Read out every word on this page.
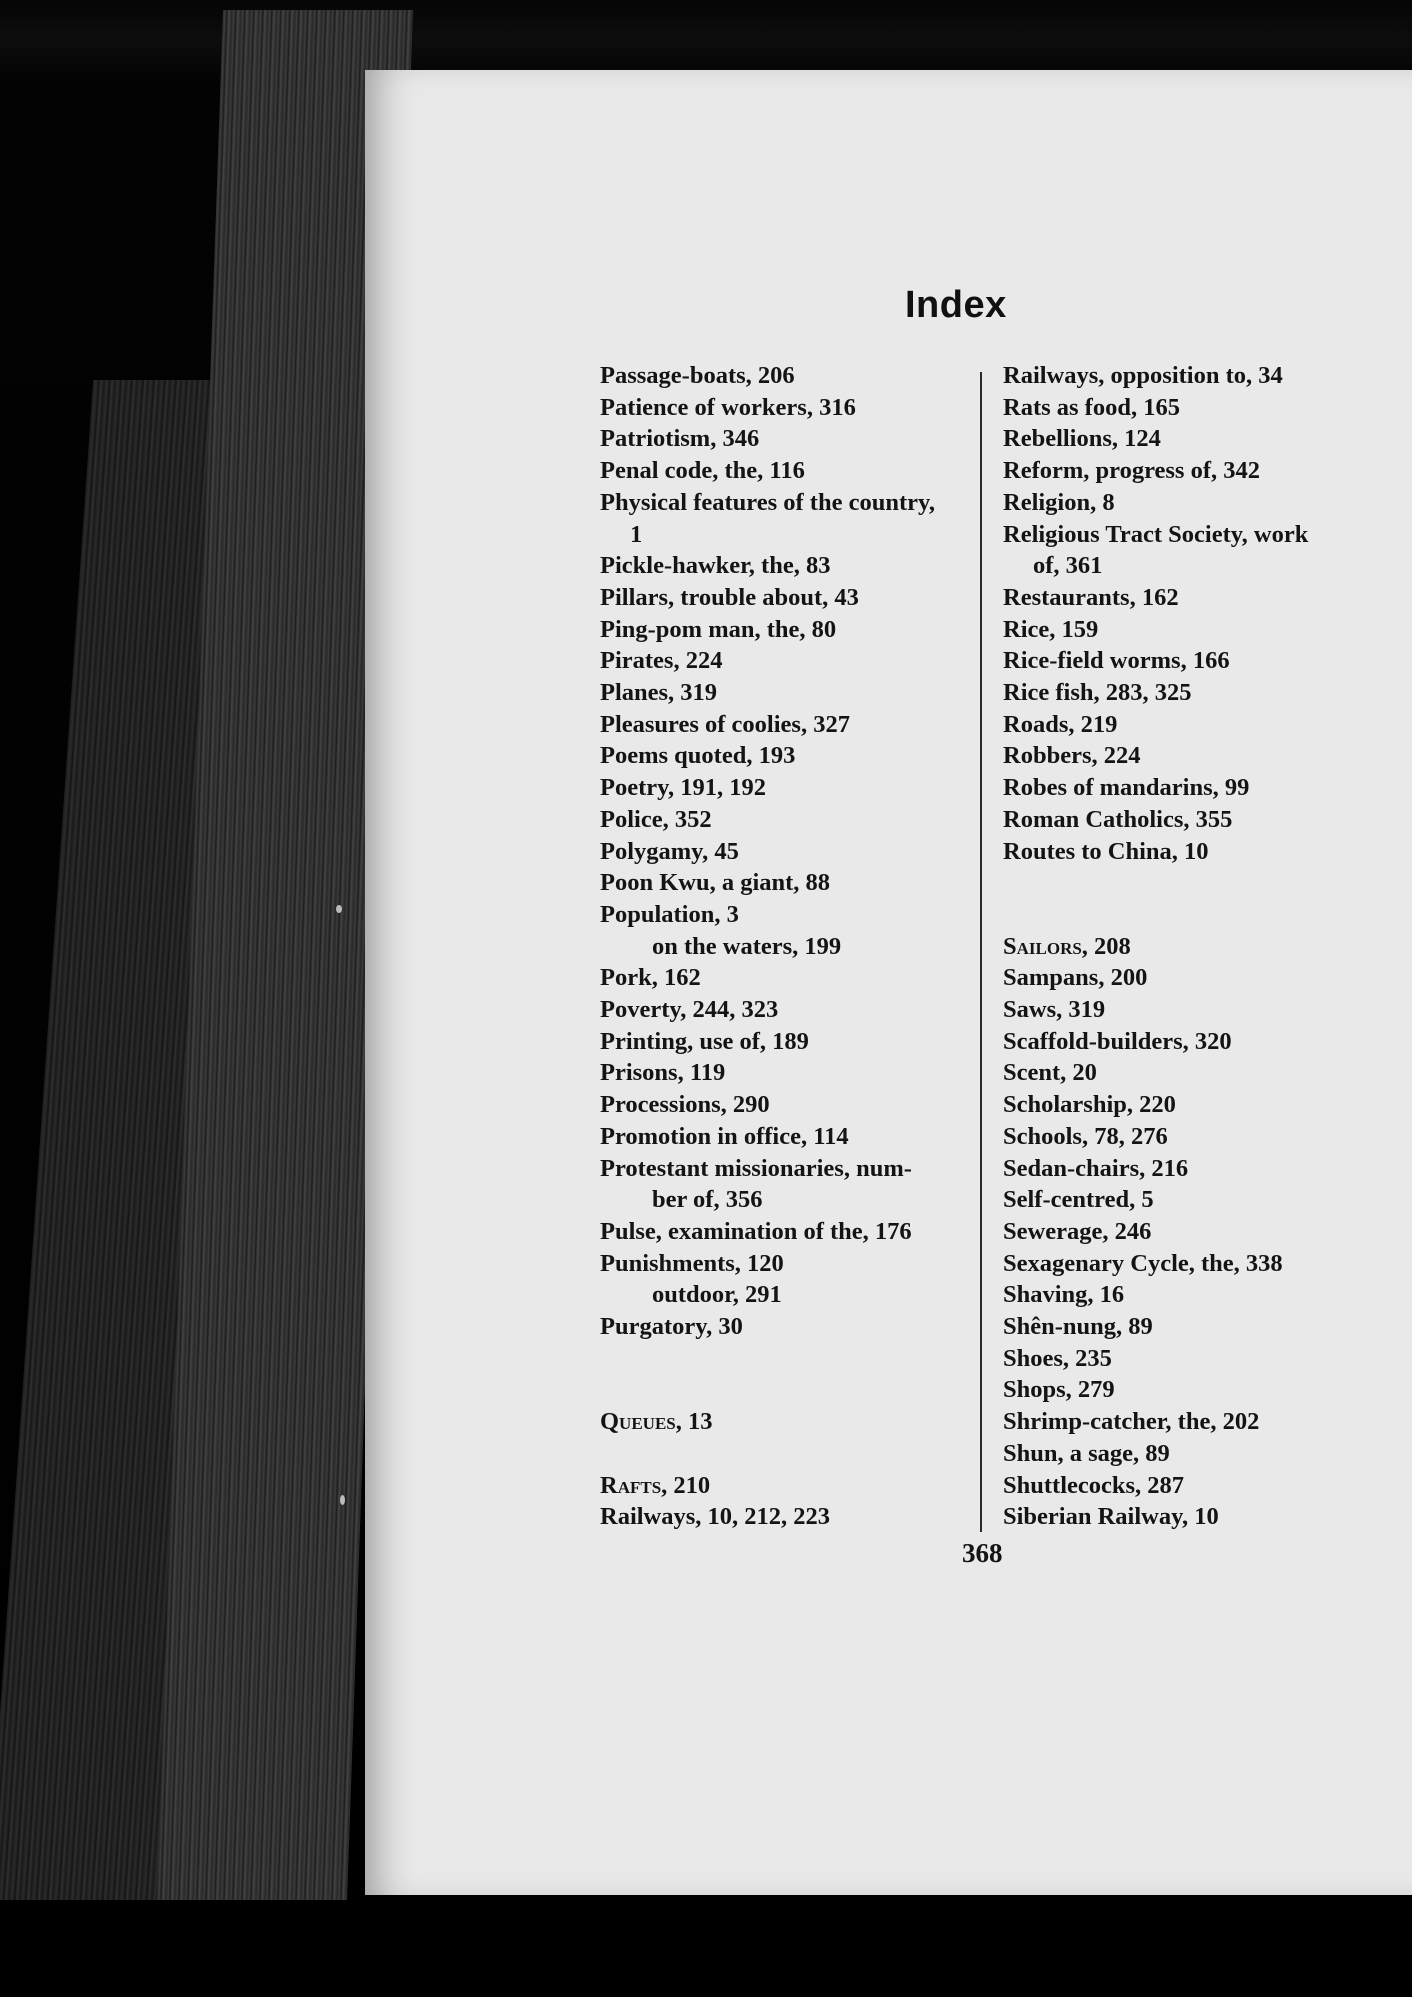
Index
Passage-boats, 206
Patience of workers, 316
Patriotism, 346
Penal code, the, 116
Physical features of the country,
1
Pickle-hawker, the, 83
Pillars, trouble about, 43
Ping-pom man, the, 80
Pirates, 224
Planes, 319
Pleasures of coolies, 327
Poems quoted, 193
Poetry, 191, 192
Police, 352
Polygamy, 45
Poon Kwu, a giant, 88
Population, 3
on the waters, 199
Pork, 162
Poverty, 244, 323
Printing, use of, 189
Prisons, 119
Processions, 290
Promotion in office, 114
Protestant missionaries, num-
ber of, 356
Pulse, examination of the, 176
Punishments, 120
outdoor, 291
Purgatory, 30
Queues, 13
Rafts, 210
Railways, 10, 212, 223
Railways, opposition to, 34
Rats as food, 165
Rebellions, 124
Reform, progress of, 342
Religion, 8
Religious Tract Society, work
of, 361
Restaurants, 162
Rice, 159
Rice-field worms, 166
Rice fish, 283, 325
Roads, 219
Robbers, 224
Robes of mandarins, 99
Roman Catholics, 355
Routes to China, 10
Sailors, 208
Sampans, 200
Saws, 319
Scaffold-builders, 320
Scent, 20
Scholarship, 220
Schools, 78, 276
Sedan-chairs, 216
Self-centred, 5
Sewerage, 246
Sexagenary Cycle, the, 338
Shaving, 16
Shên-nung, 89
Shoes, 235
Shops, 279
Shrimp-catcher, the, 202
Shun, a sage, 89
Shuttlecocks, 287
Siberian Railway, 10
368
